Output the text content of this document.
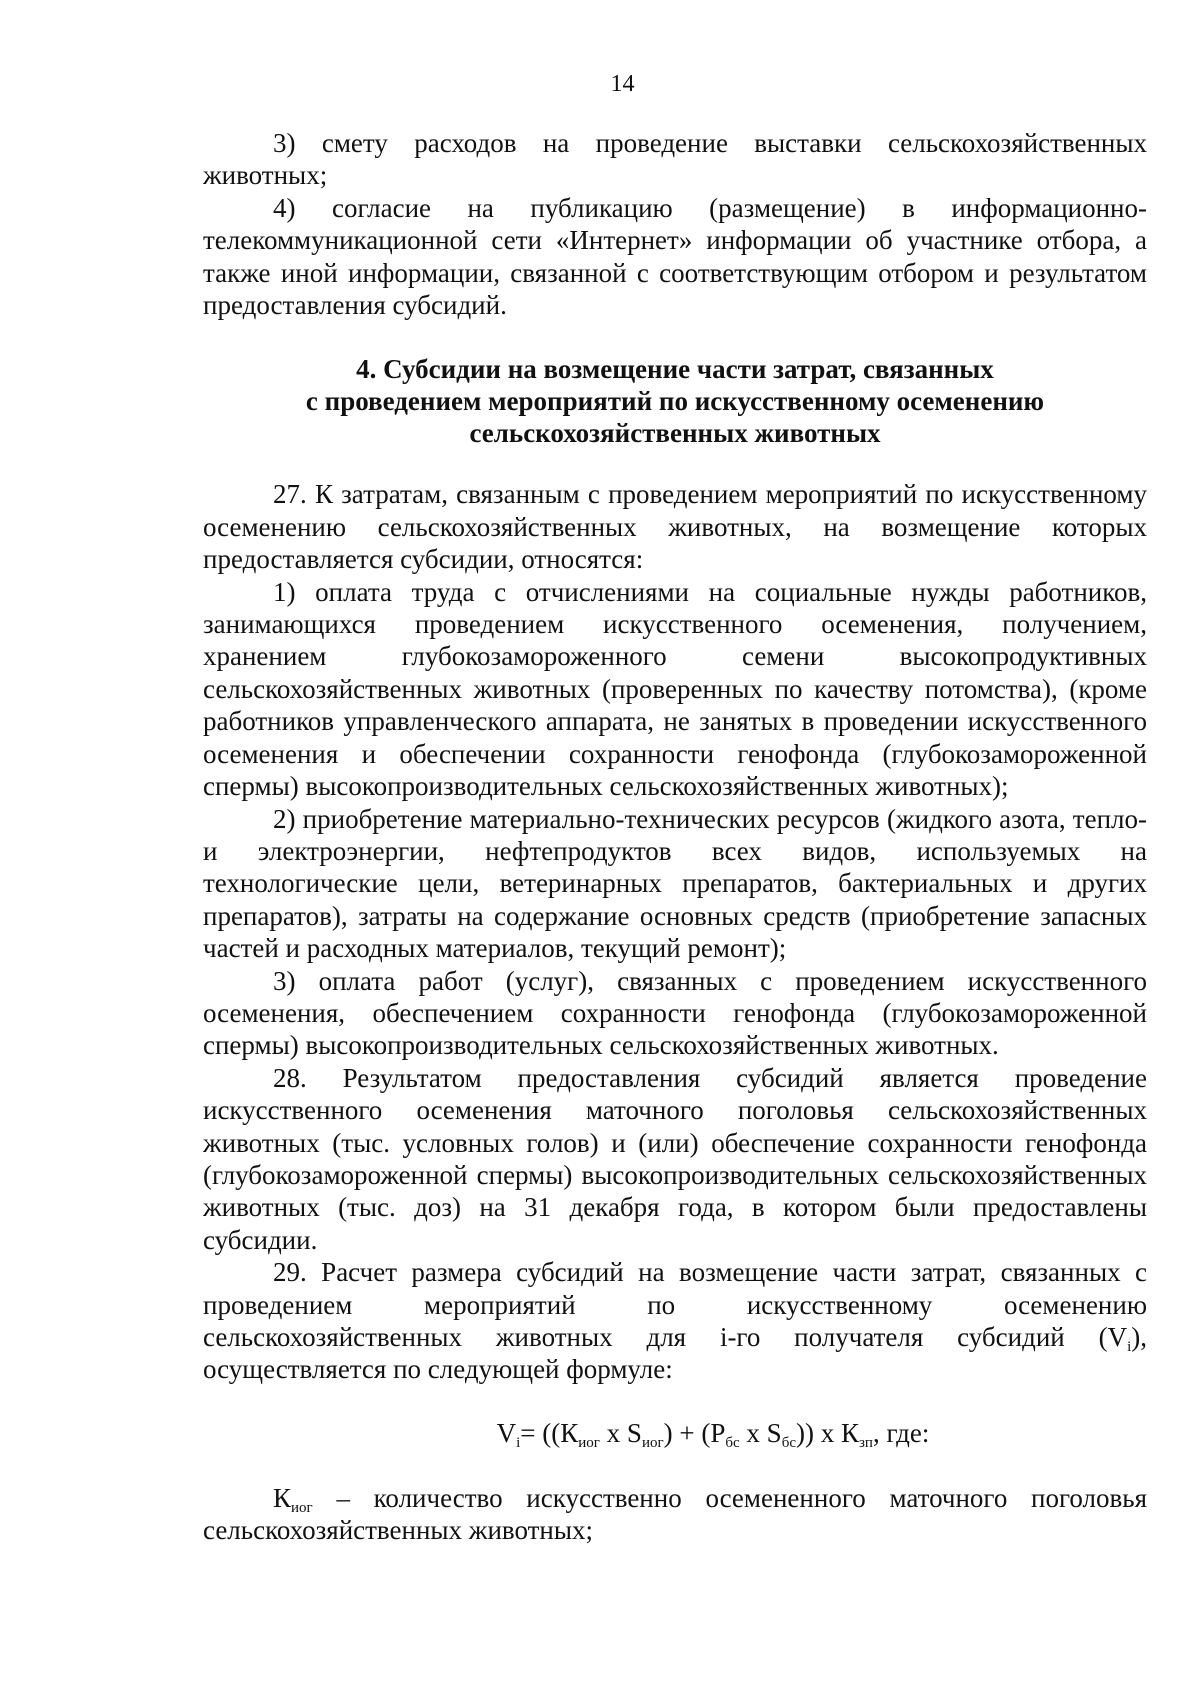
14

3) смету расходов на проведение выставки сельскохозяйственных животных;

4) согласие на публикацию (размещение) в информационно-телекоммуникационной сети «Интернет» информации об участнике отбора, а также иной информации, связанной с соответствующим отбором и результатом предоставления субсидий.

4. Субсидии на возмещение части затрат, связанных
с проведением мероприятий по искусственному осеменению
сельскохозяйственных животных

27. К затратам, связанным с проведением мероприятий по искусственному осеменению сельскохозяйственных животных, на возмещение которых предоставляется субсидии, относятся:

1) оплата труда с отчислениями на социальные нужды работников, занимающихся проведением искусственного осеменения, получением, хранением глубокозамороженного семени высокопродуктивных сельскохозяйственных животных (проверенных по качеству потомства), (кроме работников управленческого аппарата, не занятых в проведении искусственного осеменения и обеспечении сохранности генофонда (глубокозамороженной спермы) высокопроизводительных сельскохозяйственных животных);

2) приобретение материально-технических ресурсов (жидкого азота, тепло- и электроэнергии, нефтепродуктов всех видов, используемых на технологические цели, ветеринарных препаратов, бактериальных и других препаратов), затраты на содержание основных средств (приобретение запасных частей и расходных материалов, текущий ремонт);

3) оплата работ (услуг), связанных с проведением искусственного осеменения, обеспечением сохранности генофонда (глубокозамороженной спермы) высокопроизводительных сельскохозяйственных животных.

28. Результатом предоставления субсидий является проведение искусственного осеменения маточного поголовья сельскохозяйственных животных (тыс. условных голов) и (или) обеспечение сохранности генофонда (глубокозамороженной спермы) высокопроизводительных сельскохозяйственных животных (тыс. доз) на 31 декабря года, в котором были предоставлены субсидии.

29. Расчет размера субсидий на возмещение части затрат, связанных с проведением мероприятий по искусственному осеменению сельскохозяйственных животных для i-го получателя субсидий $(V_i)$, осуществляется по следующей формуле:

$V_i= ((К_{иог}$ х $S_{иог}) + (Р_{бс}$ х $S_{бс}$)) х $К_{зп}$, где:

$К_{иог}$ – количество искусственно осемененного маточного поголовья сельскохозяйственных животных;
